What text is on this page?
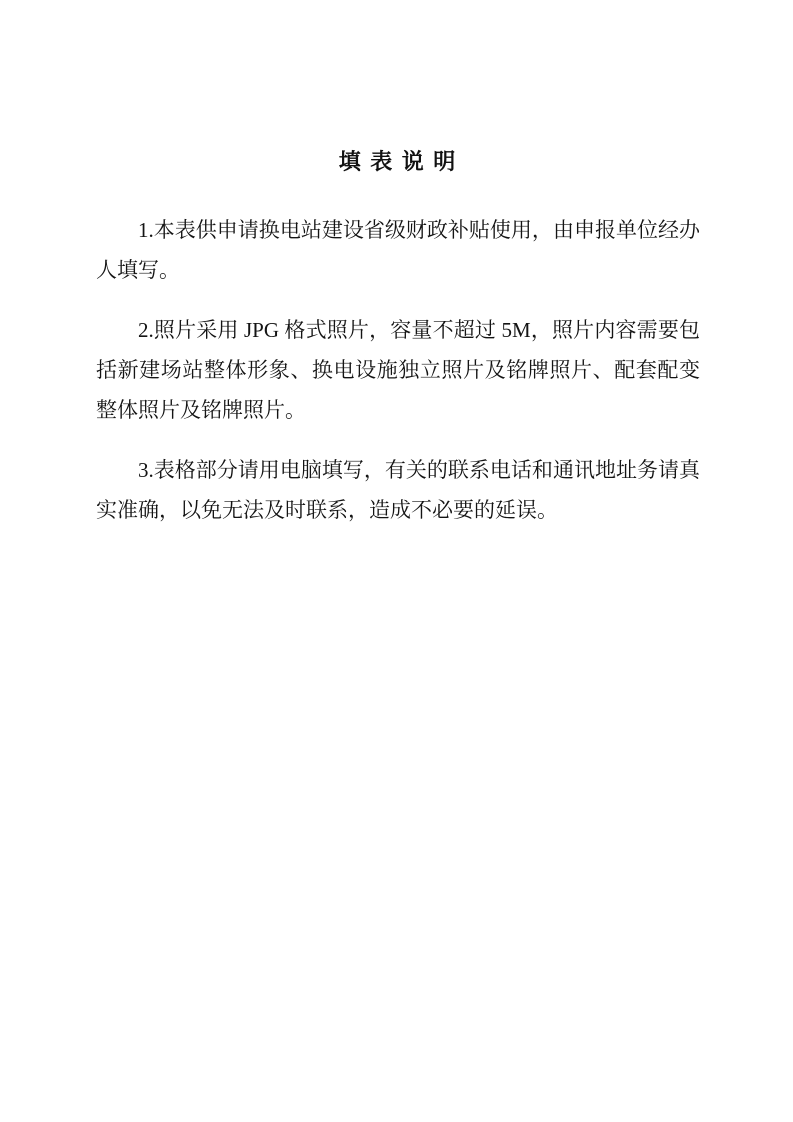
填 表 说 明

1.本表供申请换电站建设省级财政补贴使用，由申报单位经办人填写。

2.照片采用 JPG 格式照片，容量不超过 5M，照片内容需要包括新建场站整体形象、换电设施独立照片及铭牌照片、配套配变整体照片及铭牌照片。

3.表格部分请用电脑填写，有关的联系电话和通讯地址务请真实准确，以免无法及时联系，造成不必要的延误。
